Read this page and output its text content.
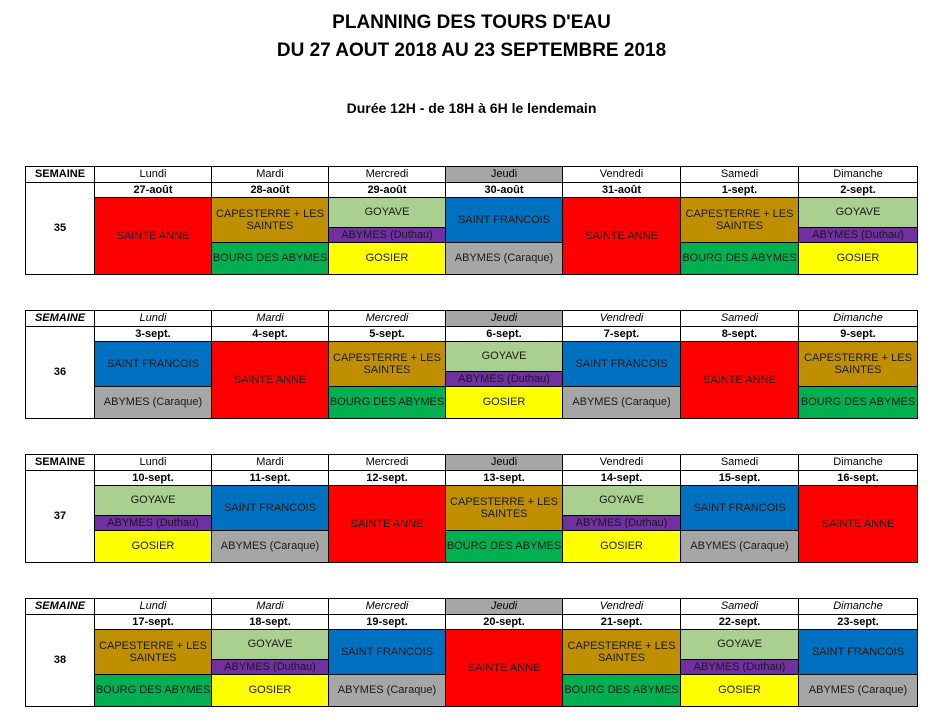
PLANNING DES TOURS D'EAU
DU 27 AOUT 2018 AU 23 SEPTEMBRE 2018
Durée 12H - de 18H à 6H le lendemain
SEMAINE	Lundi	Mardi	Mercredi	Jeudi	Vendredi	Samedi	Dimanche
35	27-août	28-août	29-août	30-août	31-août	1-sept.	2-sept.
	SAINTE ANNE	CAPESTERRE + LES SAINTES	GOYAVE	SAINT FRANCOIS	SAINTE ANNE	CAPESTERRE + LES SAINTES	GOYAVE
			ABYMES (Duthau)				ABYMES (Duthau)
		BOURG DES ABYMES	GOSIER	ABYMES (Caraque)		BOURG DES ABYMES	GOSIER
SEMAINE	Lundi	Mardi	Mercredi	Jeudi	Vendredi	Samedi	Dimanche
36	3-sept.	4-sept.	5-sept.	6-sept.	7-sept.	8-sept.	9-sept.
	SAINT FRANCOIS	SAINTE ANNE	CAPESTERRE + LES SAINTES	GOYAVE	SAINT FRANCOIS	SAINTE ANNE	CAPESTERRE + LES SAINTES
				ABYMES (Duthau)			
	ABYMES (Caraque)		BOURG DES ABYMES	GOSIER	ABYMES (Caraque)		BOURG DES ABYMES
SEMAINE	Lundi	Mardi	Mercredi	Jeudi	Vendredi	Samedi	Dimanche
37	10-sept.	11-sept.	12-sept.	13-sept.	14-sept.	15-sept.	16-sept.
	GOYAVE	SAINT FRANCOIS	SAINTE ANNE	CAPESTERRE + LES SAINTES	GOYAVE	SAINT FRANCOIS	SAINTE ANNE
	ABYMES (Duthau)				ABYMES (Duthau)		
	GOSIER	ABYMES (Caraque)		BOURG DES ABYMES	GOSIER	ABYMES (Caraque)	
SEMAINE	Lundi	Mardi	Mercredi	Jeudi	Vendredi	Samedi	Dimanche
38	17-sept.	18-sept.	19-sept.	20-sept.	21-sept.	22-sept.	23-sept.
	CAPESTERRE + LES SAINTES	GOYAVE	SAINT FRANCOIS	SAINTE ANNE	CAPESTERRE + LES SAINTES	GOYAVE	SAINT FRANCOIS
		ABYMES (Duthau)				ABYMES (Duthau)	
	BOURG DES ABYMES	GOSIER	ABYMES (Caraque)		BOURG DES ABYMES	GOSIER	ABYMES (Caraque)
